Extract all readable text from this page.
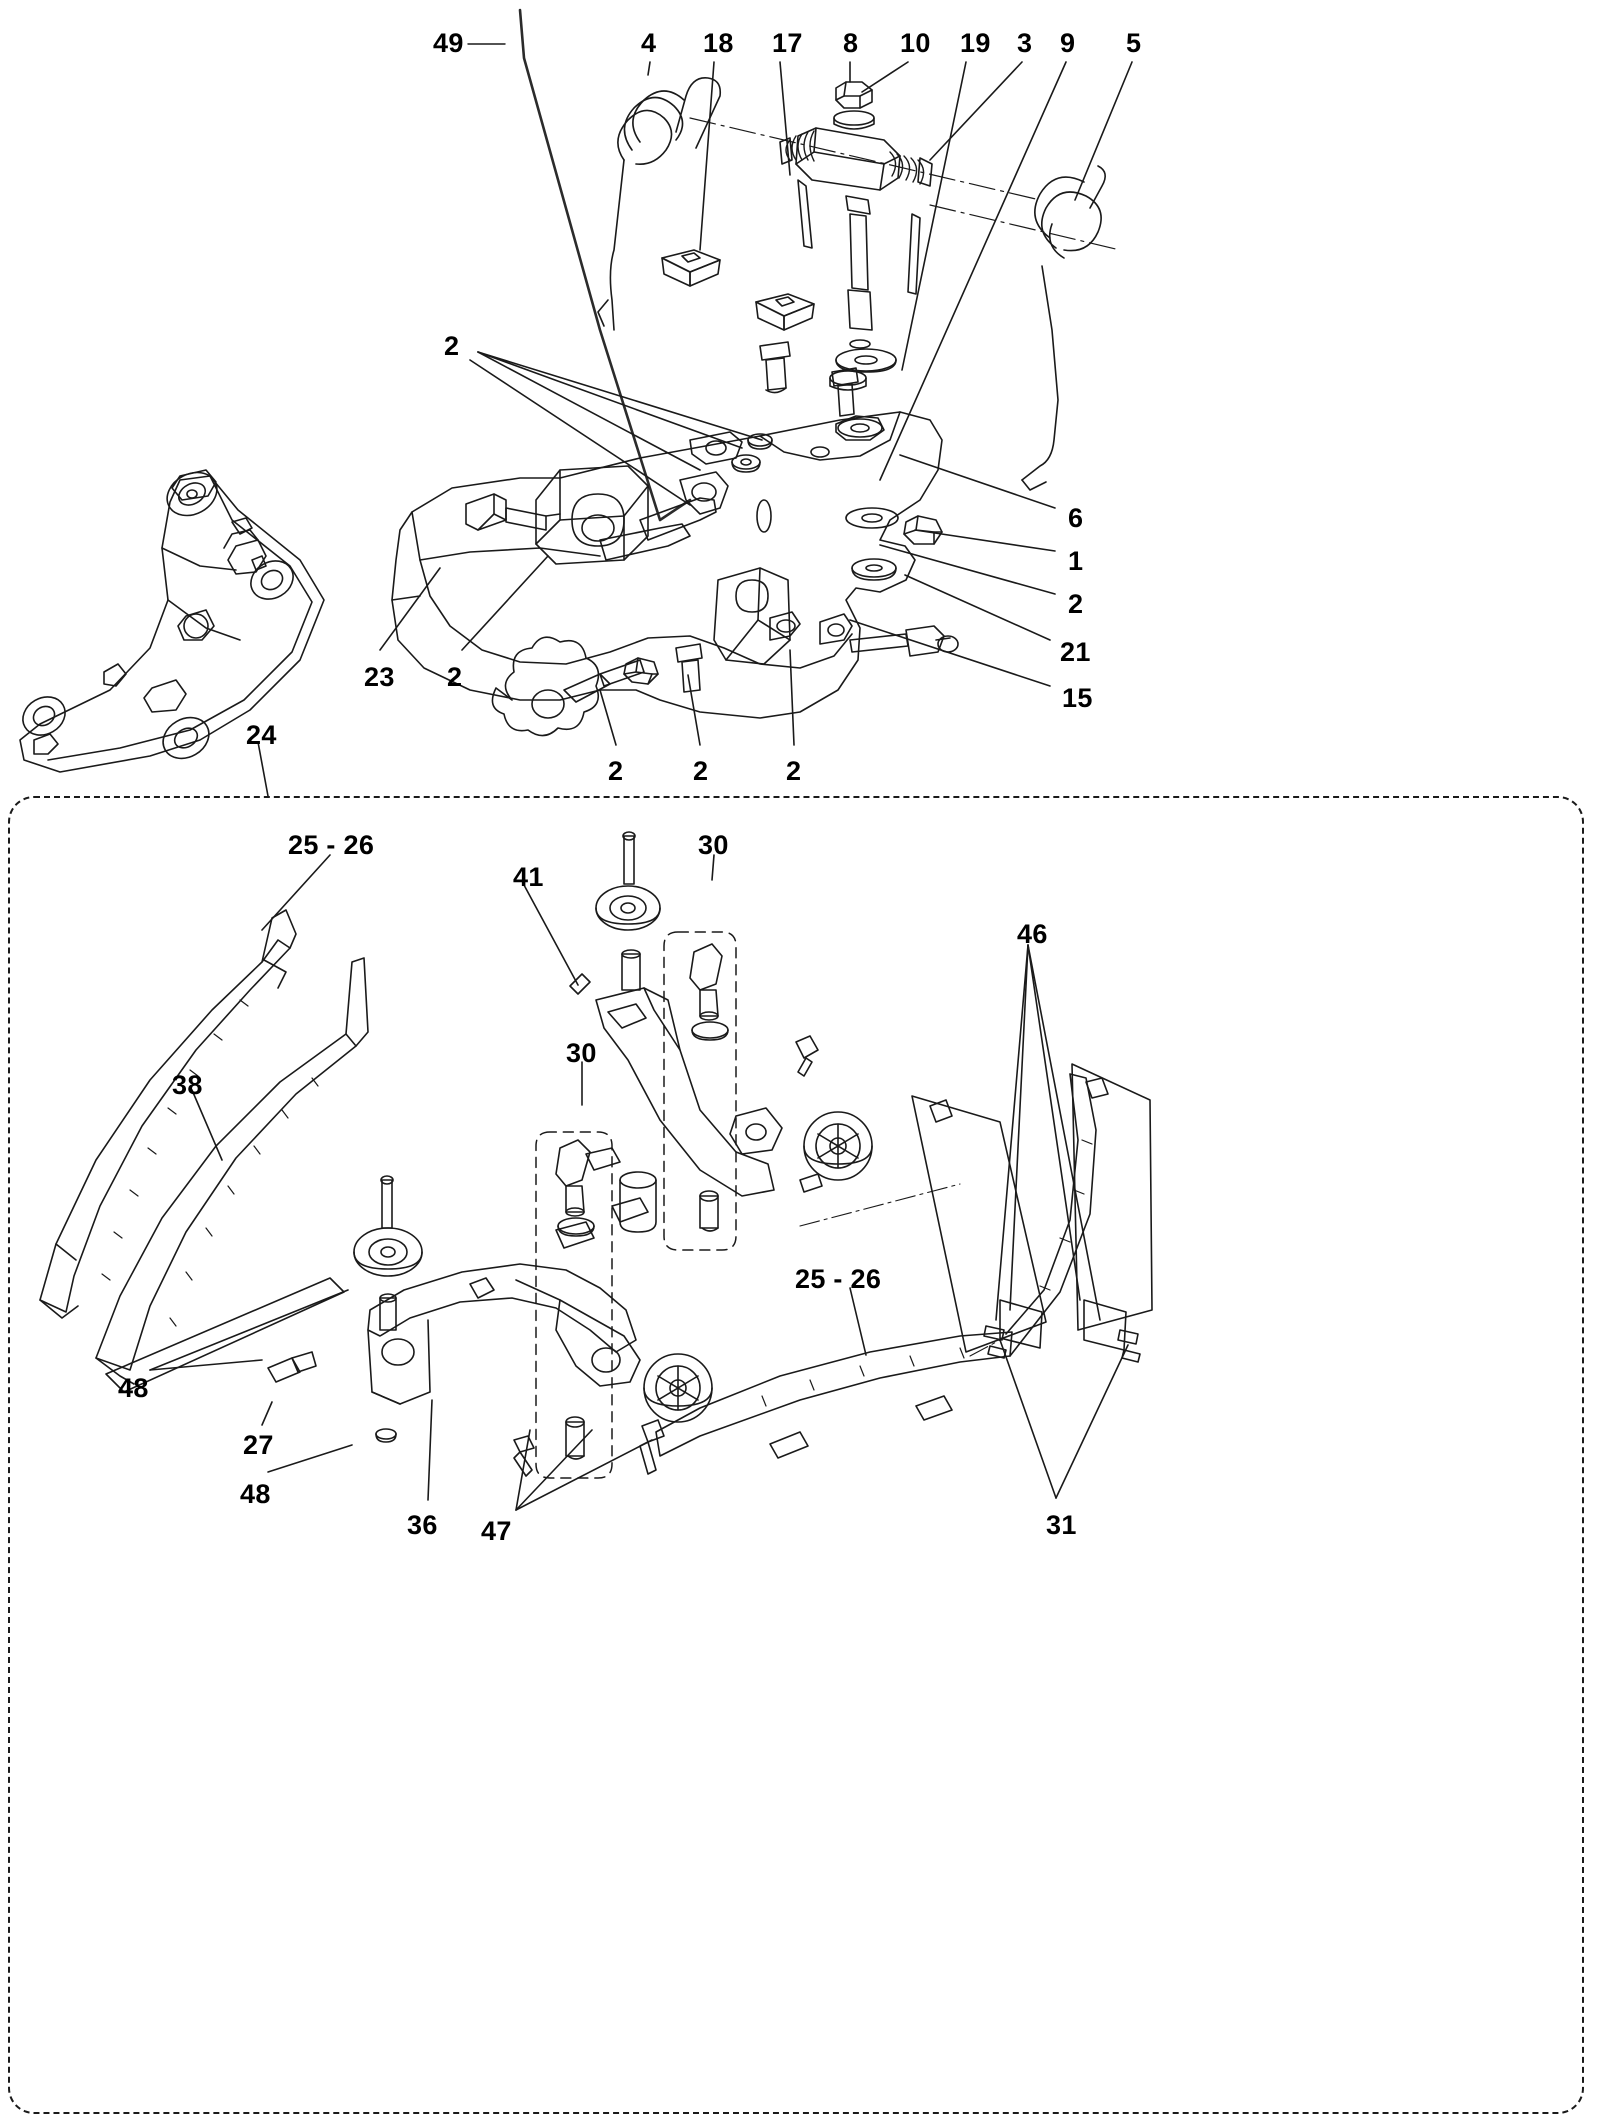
49	4 18 17 8 10 19 3 9 5
2
6
1
2
21
15
23 2
2	2	2
24
25 - 26
41
30
46
38
30
25 - 26
48
27
48
36 47	31
